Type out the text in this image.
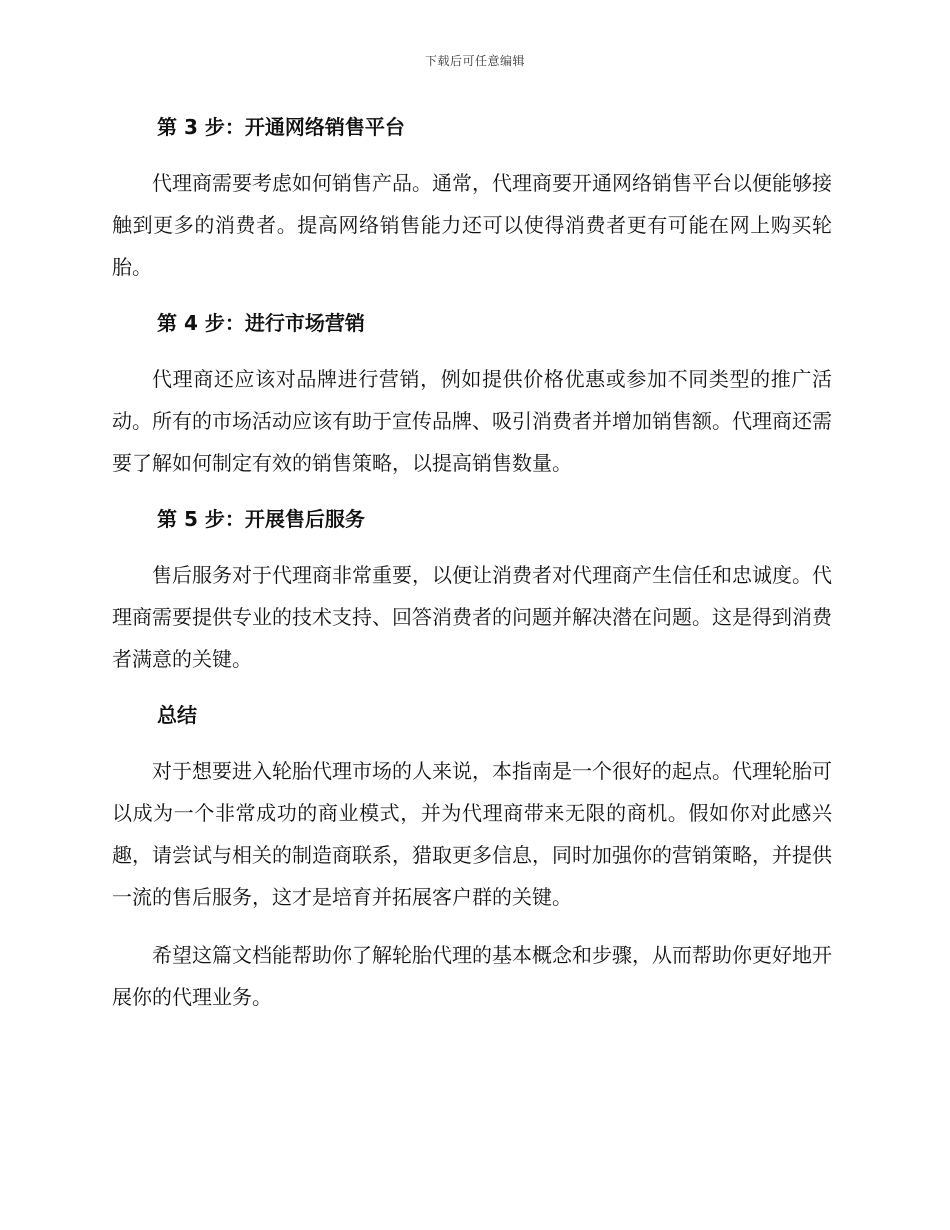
下载后可任意编辑
第 3 步：开通网络销售平台

代理商需要考虑如何销售产品。通常，代理商要开通网络销售平台以便能够接触到更多的消费者。提高网络销售能力还可以使得消费者更有可能在网上购买轮胎。

第 4 步：进行市场营销

代理商还应该对品牌进行营销，例如提供价格优惠或参加不同类型的推广活动。所有的市场活动应该有助于宣传品牌、吸引消费者并增加销售额。代理商还需要了解如何制定有效的销售策略，以提高销售数量。

第 5 步：开展售后服务

售后服务对于代理商非常重要，以便让消费者对代理商产生信任和忠诚度。代理商需要提供专业的技术支持、回答消费者的问题并解决潜在问题。这是得到消费者满意的关键。

总结

对于想要进入轮胎代理市场的人来说，本指南是一个很好的起点。代理轮胎可以成为一个非常成功的商业模式，并为代理商带来无限的商机。假如你对此感兴趣，请尝试与相关的制造商联系，猎取更多信息，同时加强你的营销策略，并提供一流的售后服务，这才是培育并拓展客户群的关键。

希望这篇文档能帮助你了解轮胎代理的基本概念和步骤，从而帮助你更好地开展你的代理业务。
